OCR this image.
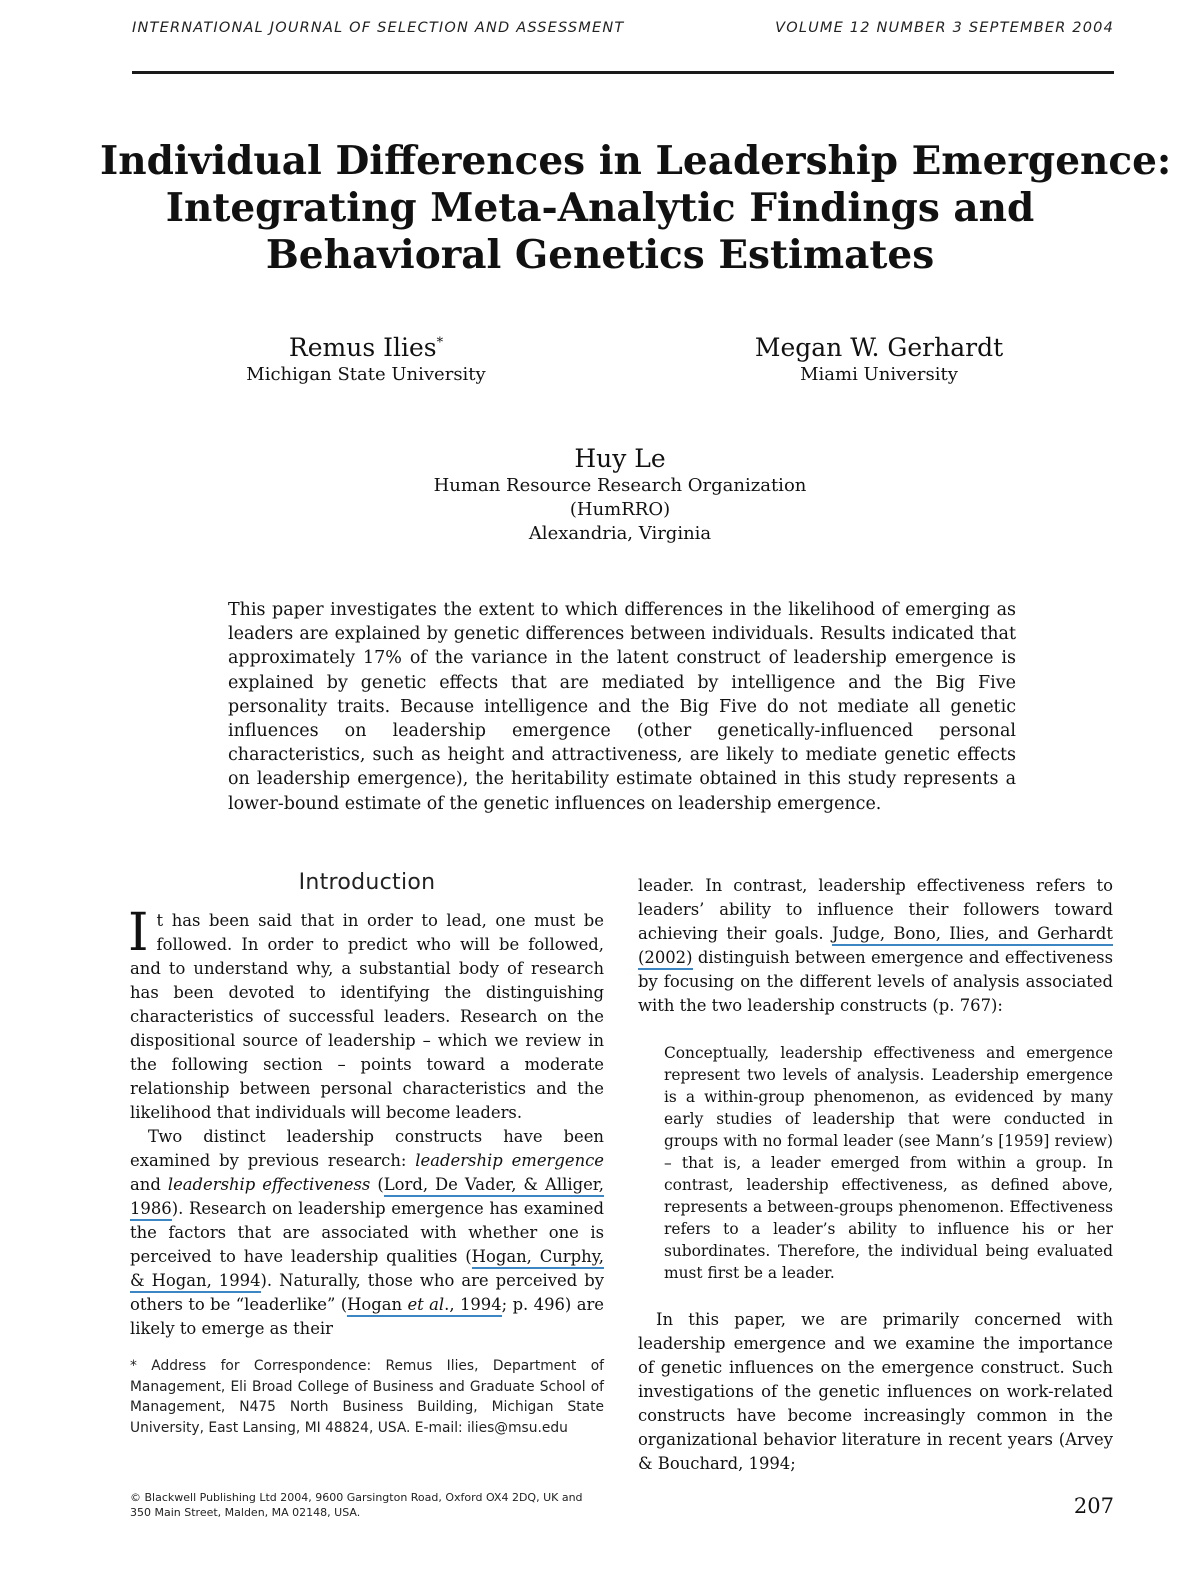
INTERNATIONAL JOURNAL OF SELECTION AND ASSESSMENT	VOLUME 12 NUMBER 3 SEPTEMBER 2004
Individual Differences in Leadership Emergence:
Integrating Meta-Analytic Findings and
Behavioral Genetics Estimates
Remus Ilies*
Michigan State University
Megan W. Gerhardt
Miami University
Huy Le
Human Resource Research Organization
(HumRRO)
Alexandria, Virginia

This paper investigates the extent to which differences in the likelihood of emerging as leaders are explained by genetic differences between individuals. Results indicated that approximately 17% of the variance in the latent construct of leadership emergence is explained by genetic effects that are mediated by intelligence and the Big Five personality traits. Because intelligence and the Big Five do not mediate all genetic influences on leadership emergence (other genetically-influenced personal characteristics, such as height and attractiveness, are likely to mediate genetic effects on leadership emergence), the heritability estimate obtained in this study represents a lower-bound estimate of the genetic influences on leadership emergence.

Introduction

It has been said that in order to lead, one must be followed. In order to predict who will be followed, and to understand why, a substantial body of research has been devoted to identifying the distinguishing characteristics of successful leaders. Research on the dispositional source of leadership – which we review in the following section – points toward a moderate relationship between personal characteristics and the likelihood that individuals will become leaders.

Two distinct leadership constructs have been examined by previous research: leadership emergence and leadership effectiveness (Lord, De Vader, & Alliger, 1986). Research on leadership emergence has examined the factors that are associated with whether one is perceived to have leadership qualities (Hogan, Curphy, & Hogan, 1994). Naturally, those who are perceived by others to be “leaderlike” (Hogan et al., 1994; p. 496) are likely to emerge as their

leader. In contrast, leadership effectiveness refers to leaders’ ability to influence their followers toward achieving their goals. Judge, Bono, Ilies, and Gerhardt (2002) distinguish between emergence and effectiveness by focusing on the different levels of analysis associated with the two leadership constructs (p. 767):

Conceptually, leadership effectiveness and emergence represent two levels of analysis. Leadership emergence is a within-group phenomenon, as evidenced by many early studies of leadership that were conducted in groups with no formal leader (see Mann’s [1959] review) – that is, a leader emerged from within a group. In contrast, leadership effectiveness, as defined above, represents a between-groups phenomenon. Effectiveness refers to a leader’s ability to influence his or her subordinates. Therefore, the individual being evaluated must first be a leader.

In this paper, we are primarily concerned with leadership emergence and we examine the importance of genetic influences on the emergence construct. Such investigations of the genetic influences on work-related constructs have become increasingly common in the organizational behavior literature in recent years (Arvey & Bouchard, 1994;

* Address for Correspondence: Remus Ilies, Department of Management, Eli Broad College of Business and Graduate School of Management, N475 North Business Building, Michigan State University, East Lansing, MI 48824, USA. E-mail: ilies@msu.edu

© Blackwell Publishing Ltd 2004, 9600 Garsington Road, Oxford OX4 2DQ, UK and
350 Main Street, Malden, MA 02148, USA.	207
